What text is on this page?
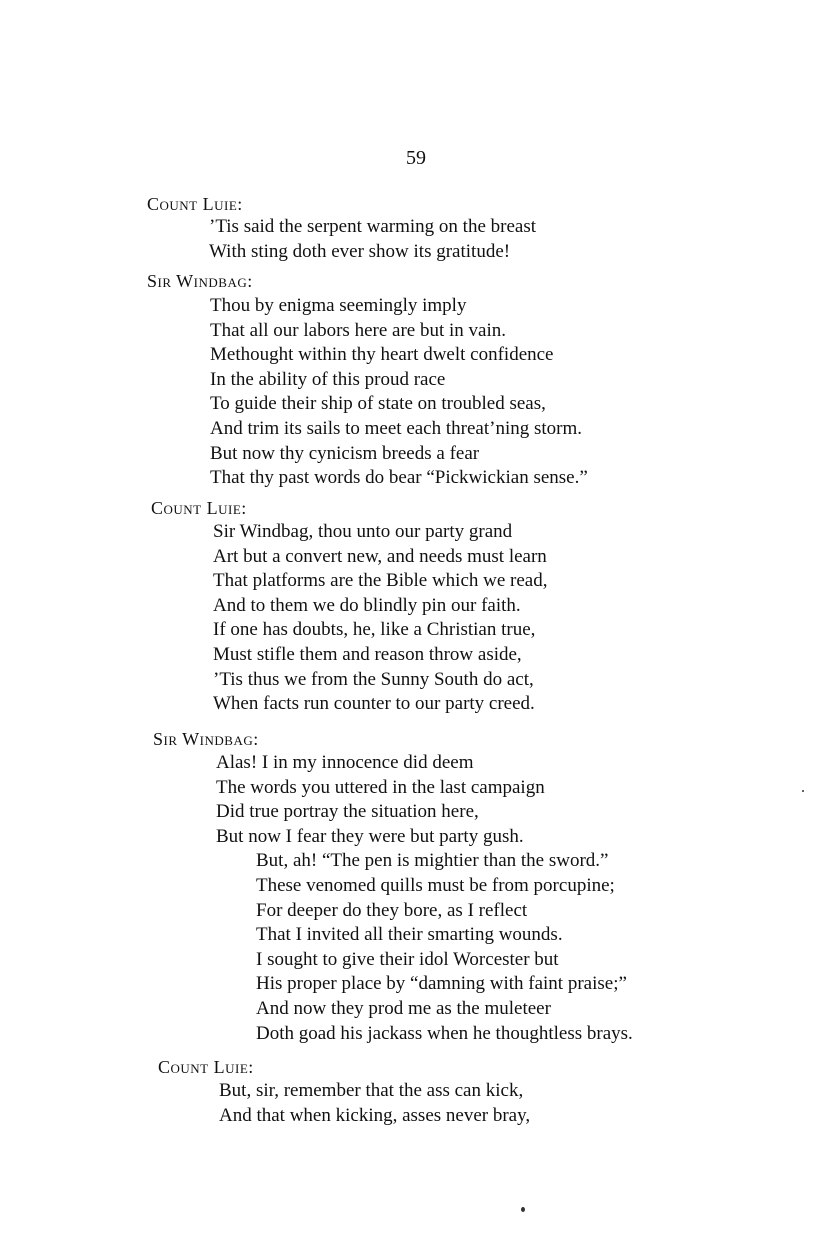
59
Count Luie:
’Tis said the serpent warming on the breast
With sting doth ever show its gratitude!
Sir Windbag:
Thou by enigma seemingly imply
That all our labors here are but in vain.
Methought within thy heart dwelt confidence
In the ability of this proud race
To guide their ship of state on troubled seas,
And trim its sails to meet each threat’ning storm.
But now thy cynicism breeds a fear
That thy past words do bear “Pickwickian sense.”
Count Luie:
Sir Windbag, thou unto our party grand
Art but a convert new, and needs must learn
That platforms are the Bible which we read,
And to them we do blindly pin our faith.
If one has doubts, he, like a Christian true,
Must stifle them and reason throw aside,
’Tis thus we from the Sunny South do act,
When facts run counter to our party creed.
Sir Windbag:
Alas! I in my innocence did deem
The words you uttered in the last campaign
Did true portray the situation here,
But now I fear they were but party gush.
But, ah! “The pen is mightier than the sword.”
These venomed quills must be from porcupine;
For deeper do they bore, as I reflect
That I invited all their smarting wounds.
I sought to give their idol Worcester but
His proper place by “damning with faint praise;”
And now they prod me as the muleteer
Doth goad his jackass when he thoughtless brays.
Count Luie:
But, sir, remember that the ass can kick,
And that when kicking, asses never bray,
